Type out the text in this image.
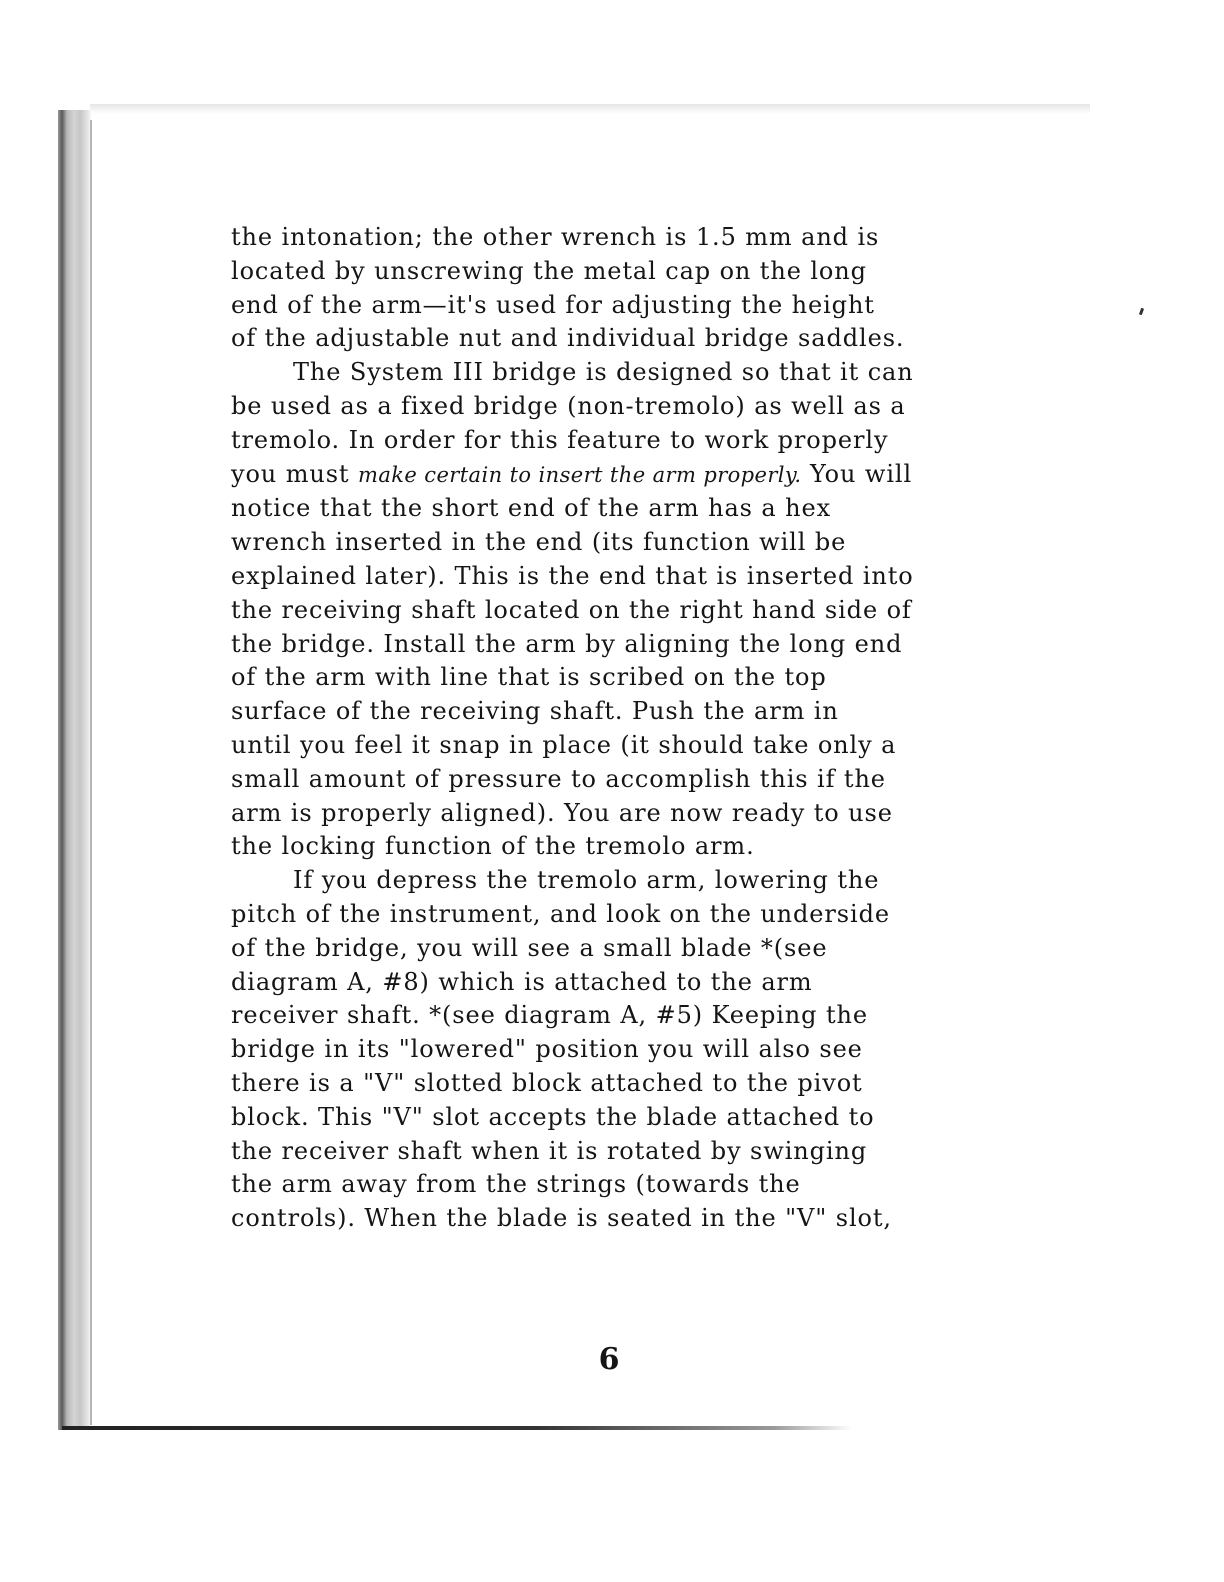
the intonation; the other wrench is 1.5 mm and is
located by unscrewing the metal cap on the long
end of the arm—it's used for adjusting the height
of the adjustable nut and individual bridge saddles.
The System III bridge is designed so that it can
be used as a fixed bridge (non-tremolo) as well as a
tremolo. In order for this feature to work properly
you must make certain to insert the arm properly. You will
notice that the short end of the arm has a hex
wrench inserted in the end (its function will be
explained later). This is the end that is inserted into
the receiving shaft located on the right hand side of
the bridge. Install the arm by aligning the long end
of the arm with line that is scribed on the top
surface of the receiving shaft. Push the arm in
until you feel it snap in place (it should take only a
small amount of pressure to accomplish this if the
arm is properly aligned). You are now ready to use
the locking function of the tremolo arm.
If you depress the tremolo arm, lowering the
pitch of the instrument, and look on the underside
of the bridge, you will see a small blade *(see
diagram A, #8) which is attached to the arm
receiver shaft. *(see diagram A, #5) Keeping the
bridge in its "lowered" position you will also see
there is a "V" slotted block attached to the pivot
block. This "V" slot accepts the blade attached to
the receiver shaft when it is rotated by swinging
the arm away from the strings (towards the
controls). When the blade is seated in the "V" slot,
6
